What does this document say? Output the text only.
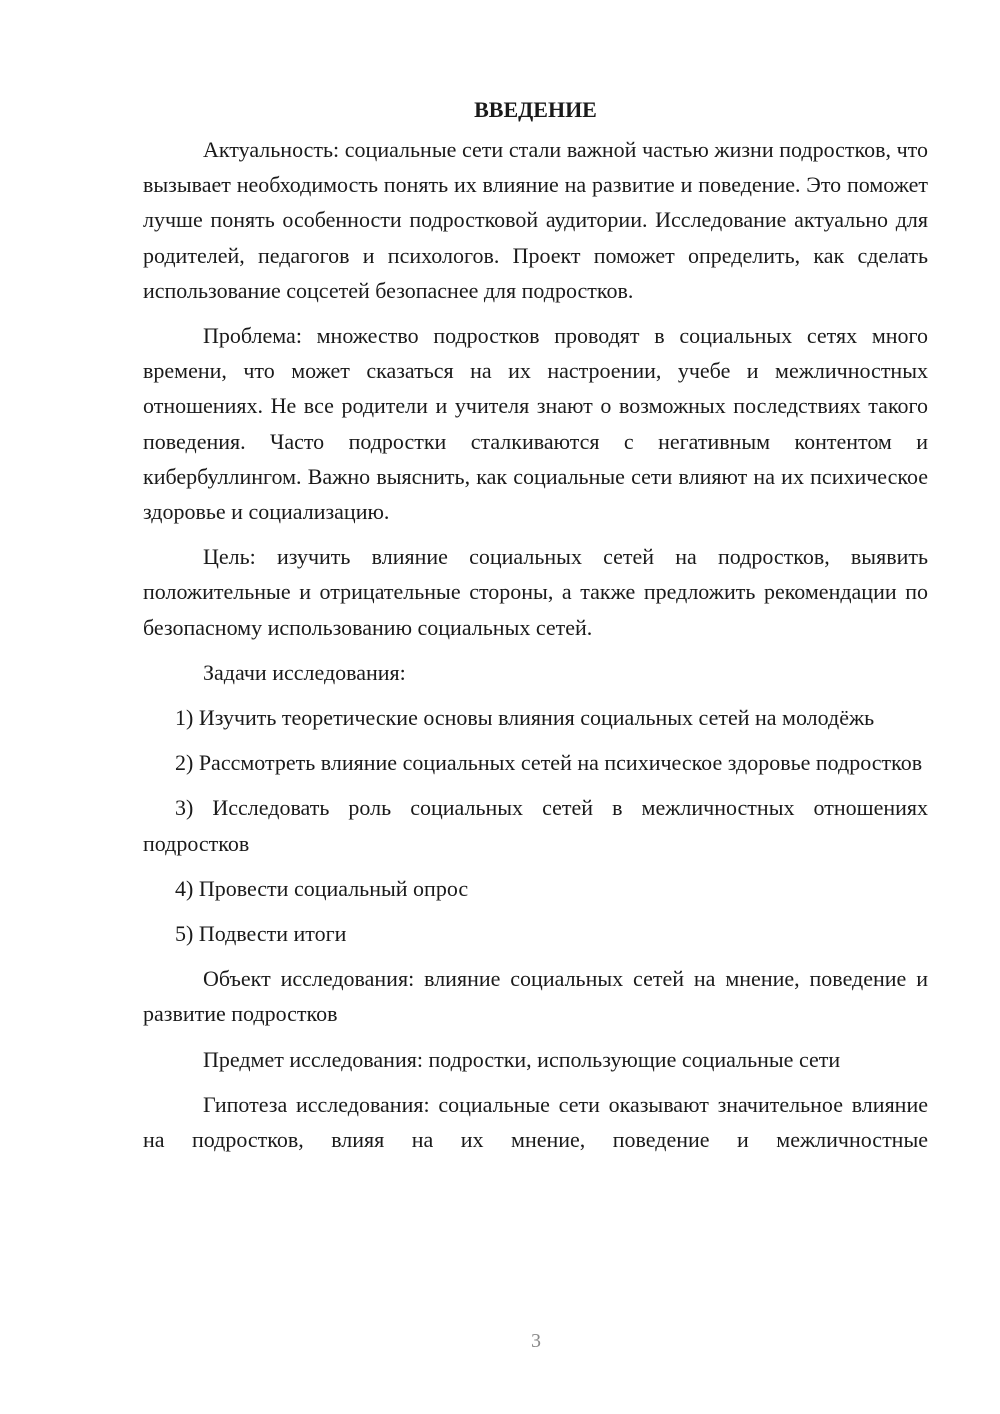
ВВЕДЕНИЕ

Актуальность: социальные сети стали важной частью жизни подростков, что вызывает необходимость понять их влияние на развитие и поведение. Это поможет лучше понять особенности подростковой аудитории. Исследование актуально для родителей, педагогов и психологов. Проект поможет определить, как сделать использование соцсетей безопаснее для подростков.

Проблема: множество подростков проводят в социальных сетях много времени, что может сказаться на их настроении, учебе и межличностных отношениях. Не все родители и учителя знают о возможных последствиях такого поведения. Часто подростки сталкиваются с негативным контентом и кибербуллингом. Важно выяснить, как социальные сети влияют на их психическое здоровье и социализацию.

Цель: изучить влияние социальных сетей на подростков, выявить положительные и отрицательные стороны, а также предложить рекомендации по безопасному использованию социальных сетей.

Задачи исследования:

1) Изучить теоретические основы влияния социальных сетей на молодёжь

2) Рассмотреть влияние социальных сетей на психическое здоровье подростков

3) Исследовать роль социальных сетей в межличностных отношениях подростков

4) Провести социальный опрос

5) Подвести итоги

Объект исследования: влияние социальных сетей на мнение, поведение и развитие подростков

Предмет исследования: подростки, использующие социальные сети

Гипотеза исследования: социальные сети оказывают значительное влияние на подростков, влияя на их мнение, поведение и межличностные

3
